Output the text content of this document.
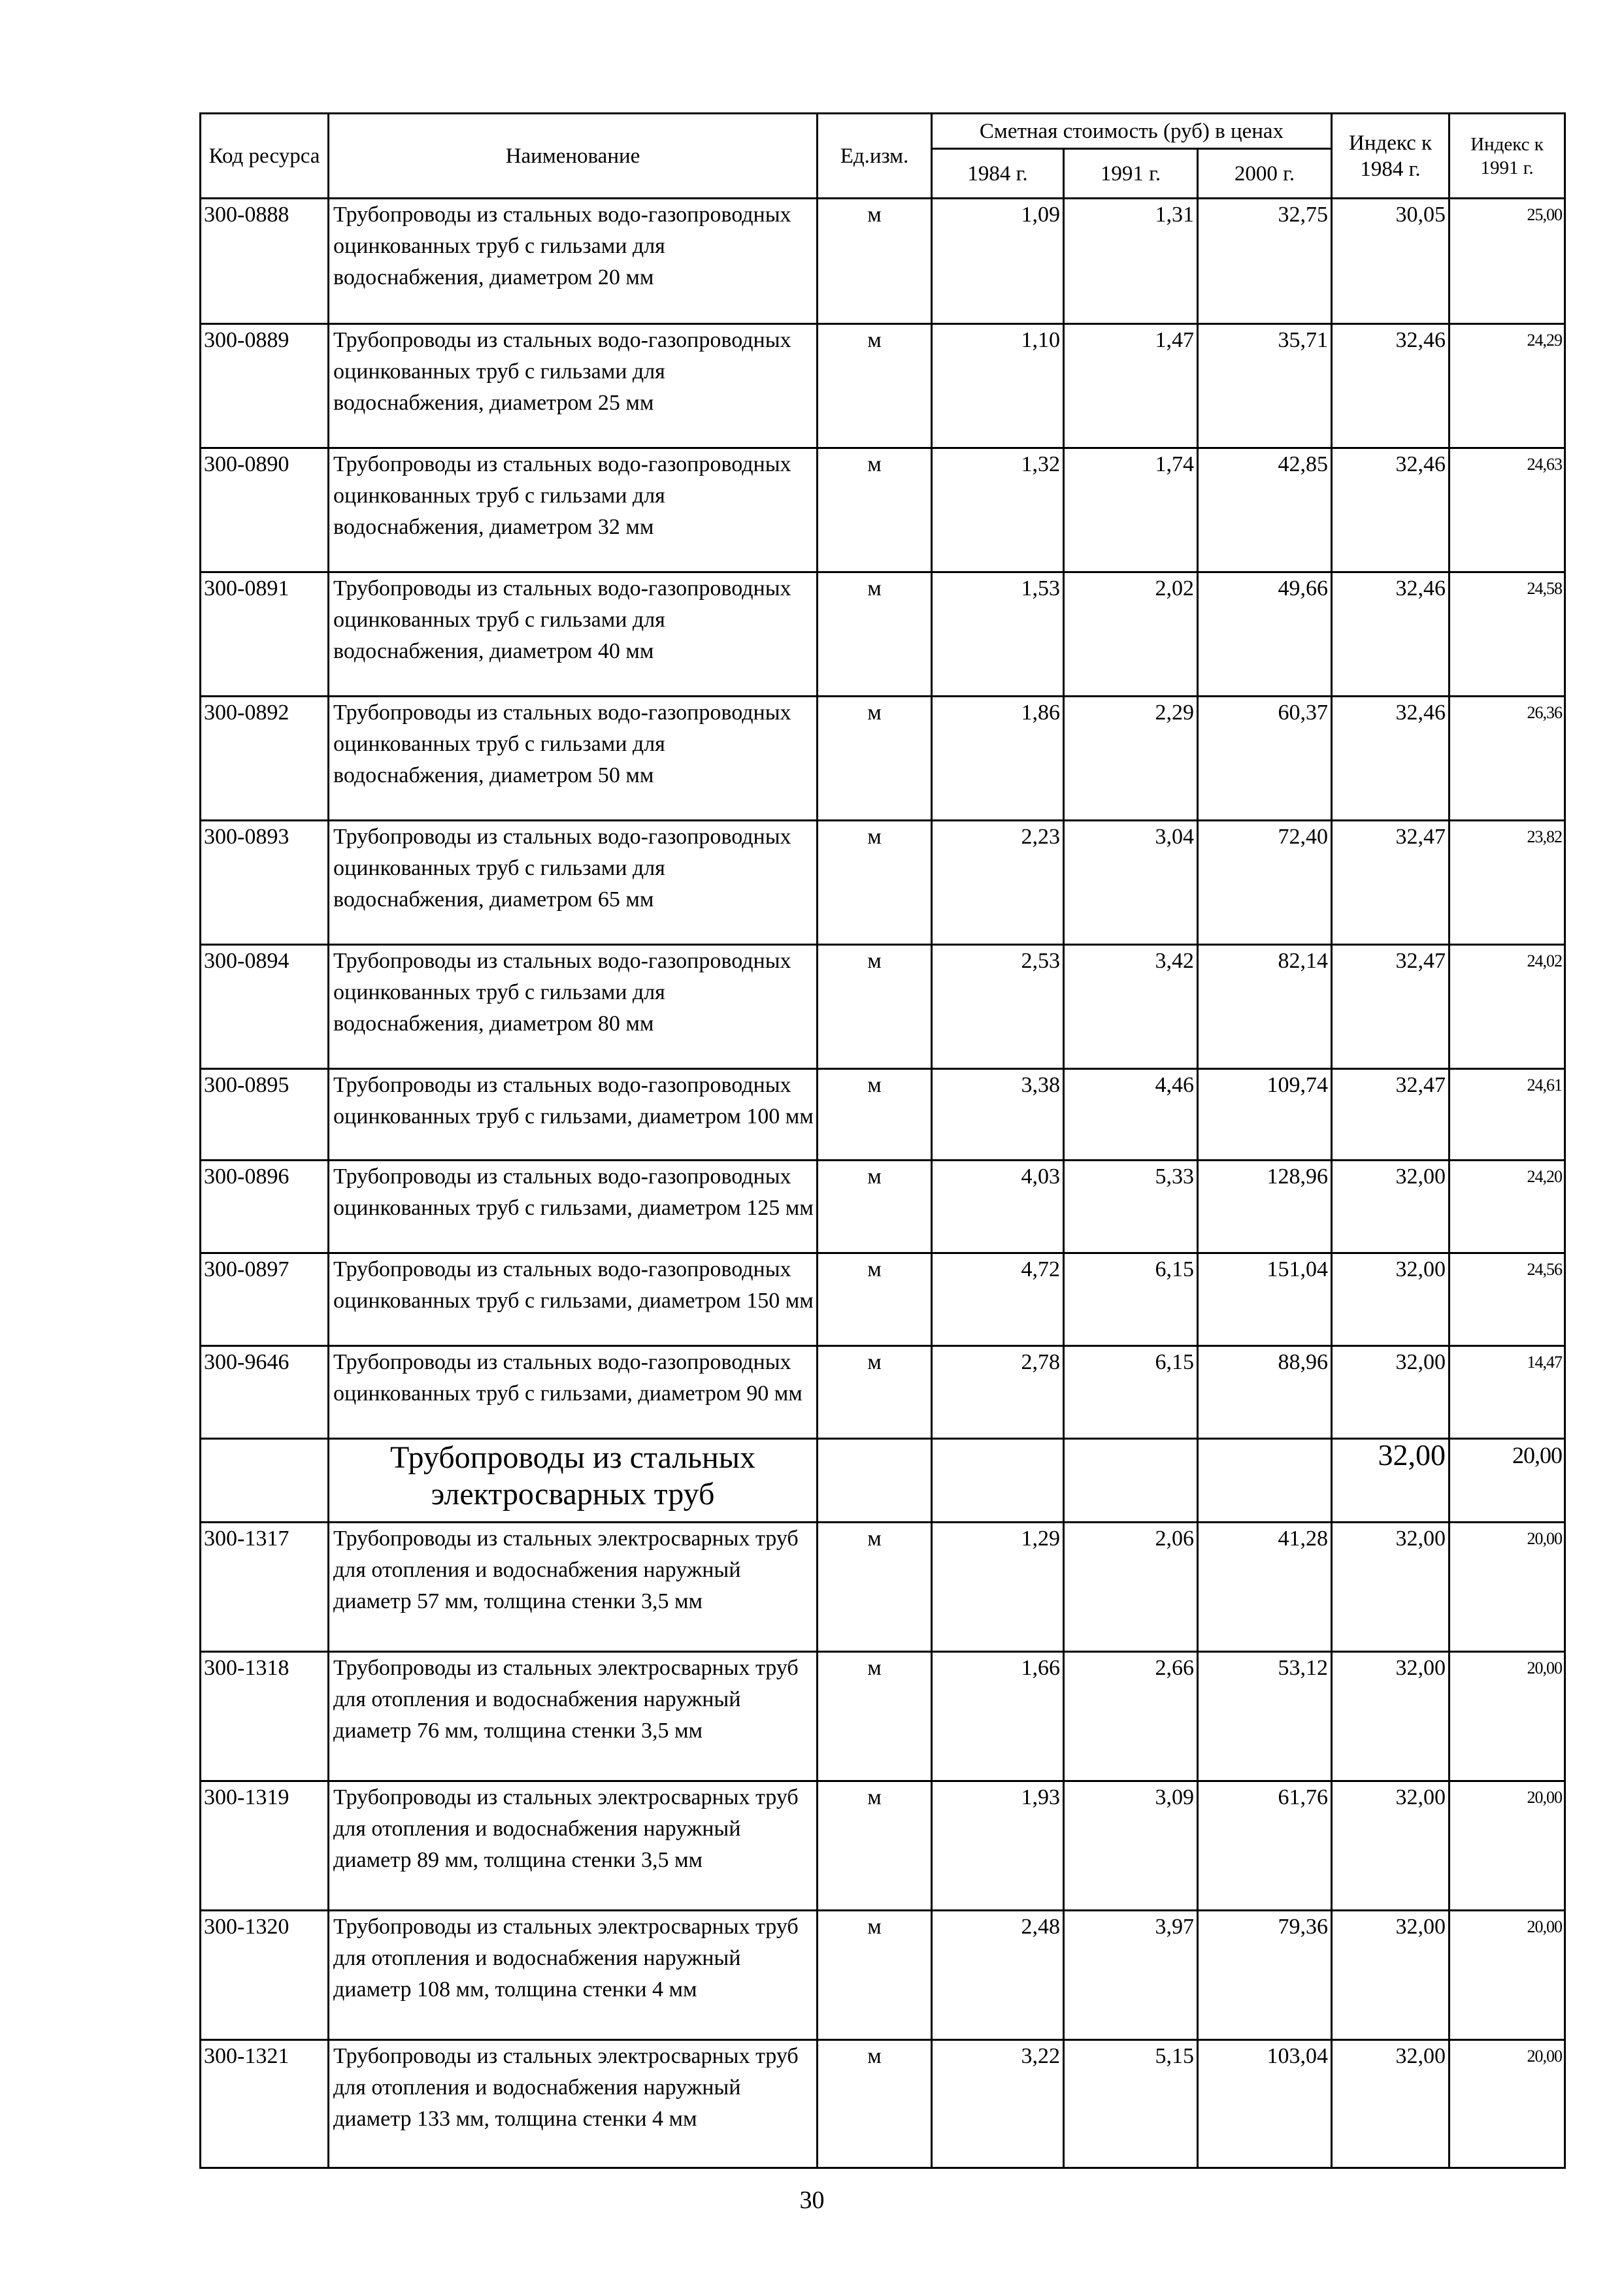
Код ресурса	Наименование	Ед.изм.	Сметная стоимость (руб) в ценах			Индекс к 1984 г.	Индекс к 1991 г.
			1984 г.	1991 г.	2000 г.		
300-0888	Трубопроводы из стальных водо-газопроводных оцинкованных труб с гильзами для водоснабжения, диаметром 20 мм	м	1,09	1,31	32,75	30,05	25,00
300-0889	Трубопроводы из стальных водо-газопроводных оцинкованных труб с гильзами для водоснабжения, диаметром 25 мм	м	1,10	1,47	35,71	32,46	24,29
300-0890	Трубопроводы из стальных водо-газопроводных оцинкованных труб с гильзами для водоснабжения, диаметром 32 мм	м	1,32	1,74	42,85	32,46	24,63
300-0891	Трубопроводы из стальных водо-газопроводных оцинкованных труб с гильзами для водоснабжения, диаметром 40 мм	м	1,53	2,02	49,66	32,46	24,58
300-0892	Трубопроводы из стальных водо-газопроводных оцинкованных труб с гильзами для водоснабжения, диаметром 50 мм	м	1,86	2,29	60,37	32,46	26,36
300-0893	Трубопроводы из стальных водо-газопроводных оцинкованных труб с гильзами для водоснабжения, диаметром 65 мм	м	2,23	3,04	72,40	32,47	23,82
300-0894	Трубопроводы из стальных водо-газопроводных оцинкованных труб с гильзами для водоснабжения, диаметром 80 мм	м	2,53	3,42	82,14	32,47	24,02
300-0895	Трубопроводы из стальных водо-газопроводных оцинкованных труб с гильзами, диаметром 100 мм	м	3,38	4,46	109,74	32,47	24,61
300-0896	Трубопроводы из стальных водо-газопроводных оцинкованных труб с гильзами, диаметром 125 мм	м	4,03	5,33	128,96	32,00	24,20
300-0897	Трубопроводы из стальных водо-газопроводных оцинкованных труб с гильзами, диаметром 150 мм	м	4,72	6,15	151,04	32,00	24,56
300-9646	Трубопроводы из стальных водо-газопроводных оцинкованных труб с гильзами, диаметром 90 мм	м	2,78	6,15	88,96	32,00	14,47
	Трубопроводы из стальных электросварных труб					32,00	20,00
300-1317	Трубопроводы из стальных электросварных труб для отопления и водоснабжения наружный диаметр 57 мм, толщина стенки 3,5 мм	м	1,29	2,06	41,28	32,00	20,00
300-1318	Трубопроводы из стальных электросварных труб для отопления и водоснабжения наружный диаметр 76 мм, толщина стенки 3,5 мм	м	1,66	2,66	53,12	32,00	20,00
300-1319	Трубопроводы из стальных электросварных труб для отопления и водоснабжения наружный диаметр 89 мм, толщина стенки 3,5 мм	м	1,93	3,09	61,76	32,00	20,00
300-1320	Трубопроводы из стальных электросварных труб для отопления и водоснабжения наружный диаметр 108 мм, толщина стенки 4 мм	м	2,48	3,97	79,36	32,00	20,00
300-1321	Трубопроводы из стальных электросварных труб для отопления и водоснабжения наружный диаметр 133 мм, толщина стенки 4 мм	м	3,22	5,15	103,04	32,00	20,00
30
